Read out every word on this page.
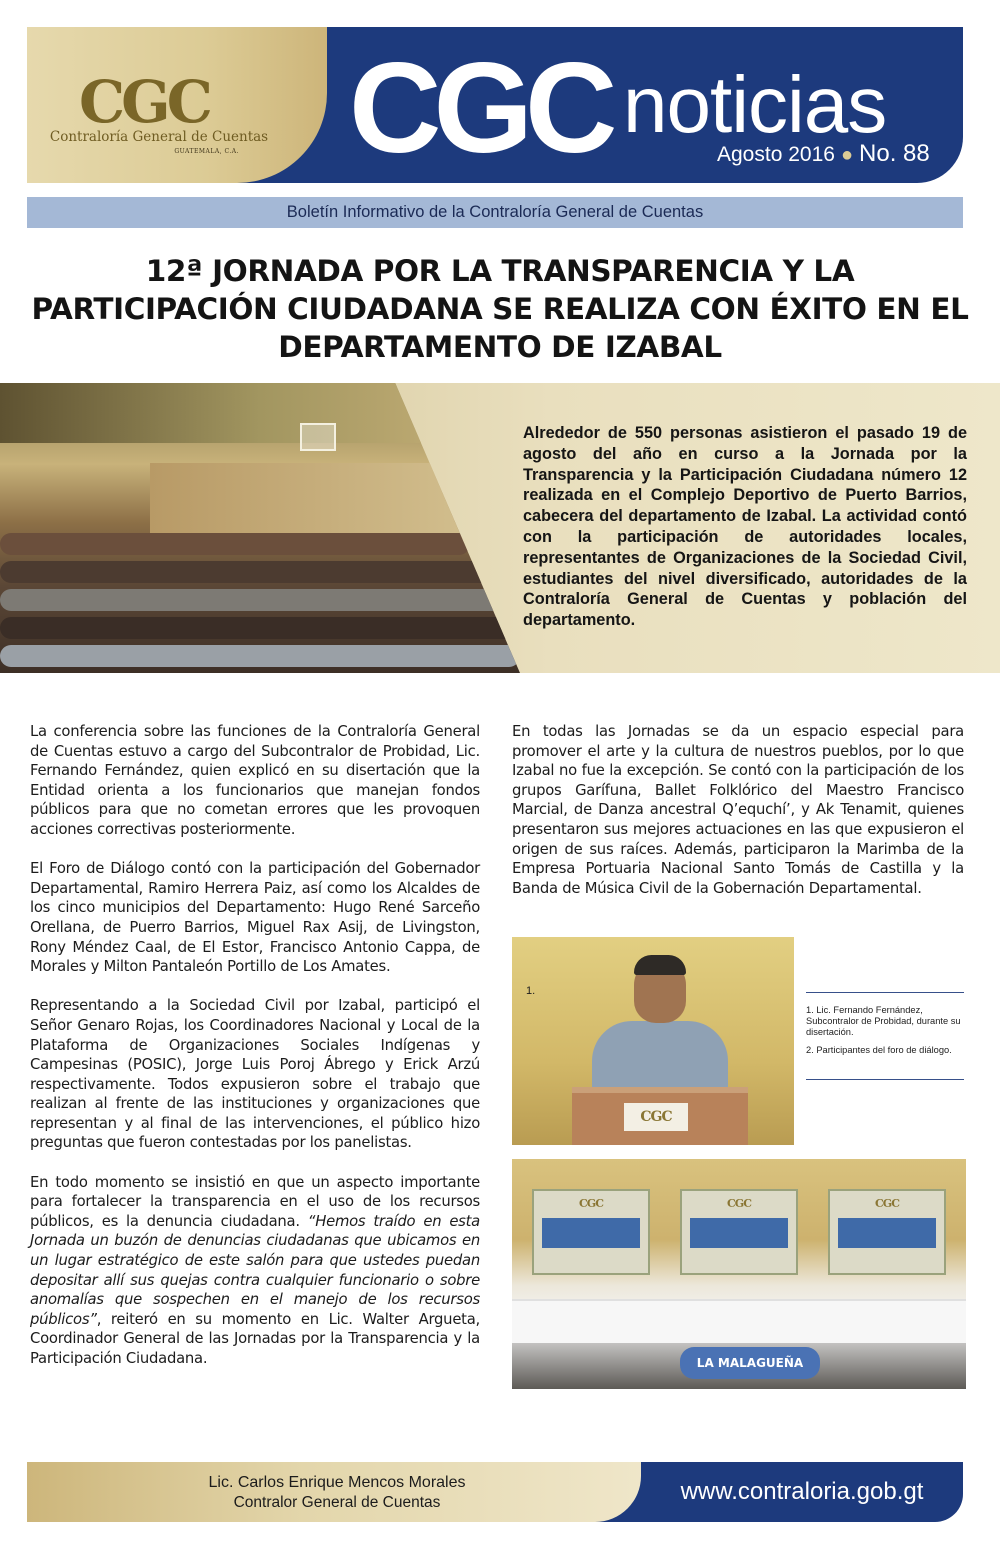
CGC
Contraloría General de Cuentas
GUATEMALA, C.A. CGC noticias
Agosto 2016 ● No. 88
Boletín Informativo de la Contraloría General de Cuentas
12ª JORNADA POR LA TRANSPARENCIA Y LA PARTICIPACIÓN CIUDADANA SE REALIZA CON ÉXITO EN EL DEPARTAMENTO DE IZABAL

Alrededor de 550 personas asistieron el pasado 19 de agosto del año en curso a la Jornada por la Transparencia y la Participación Ciudadana número 12 realizada en el Complejo Deportivo de Puerto Barrios, cabecera del departamento de Izabal. La actividad contó con la participación de autoridades locales, representantes de Organizaciones de la Sociedad Civil, estudiantes del nivel diversificado, autoridades de la Contraloría General de Cuentas y población del departamento.

La conferencia sobre las funciones de la Contraloría General de Cuentas estuvo a cargo del Subcontralor de Probidad, Lic. Fernando Fernández, quien explicó en su disertación que la Entidad orienta a los funcionarios que manejan fondos públicos para que no cometan errores que les provoquen acciones correctivas posteriormente.

El Foro de Diálogo contó con la participación del Gobernador Departamental, Ramiro Herrera Paiz, así como los Alcaldes de los cinco municipios del Departamento: Hugo René Sarceño Orellana, de Puerro Barrios, Miguel Rax Asij, de Livingston, Rony Méndez Caal, de El Estor, Francisco Antonio Cappa, de Morales y Milton Pantaleón Portillo de Los Amates.

Representando a la Sociedad Civil por Izabal, participó el Señor Genaro Rojas, los Coordinadores Nacional y Local de la Plataforma de Organizaciones Sociales Indígenas y Campesinas (POSIC), Jorge Luis Poroj Ábrego y Erick Arzú respectivamente. Todos expusieron sobre el trabajo que realizan al frente de las instituciones y organizaciones que representan y al final de las intervenciones, el público hizo preguntas que fueron contestadas por los panelistas.

En todo momento se insistió en que un aspecto importante para fortalecer la transparencia en el uso de los recursos públicos, es la denuncia ciudadana. “Hemos traído en esta Jornada un buzón de denuncias ciudadanas que ubicamos en un lugar estratégico de este salón para que ustedes puedan depositar allí sus quejas contra cualquier funcionario o sobre anomalías que sospechen en el manejo de los recursos públicos”, reiteró en su momento en Lic. Walter Argueta, Coordinador General de las Jornadas por la Transparencia y la Participación Ciudadana.

En todas las Jornadas se da un espacio especial para promover el arte y la cultura de nuestros pueblos, por lo que Izabal no fue la excepción. Se contó con la participación de los grupos Garífuna, Ballet Folklórico del Maestro Francisco Marcial, de Danza ancestral Q’equchí’, y Ak Tenamit, quienes presentaron sus mejores actuaciones en las que expusieron el origen de sus raíces. Además, participaron la Marimba de la Empresa Portuaria Nacional Santo Tomás de Castilla y la Banda de Música Civil de la Gobernación Departamental.

CGC
1.

1. Lic. Fernando Fernández, Subcontralor de Probidad, durante su disertación.

2. Participantes del foro de diálogo.

CGC	CGC	CGC
LA MALAGUEÑA
Lic. Carlos Enrique Mencos Morales
Contralor General de Cuentas	www.contraloria.gob.gt
